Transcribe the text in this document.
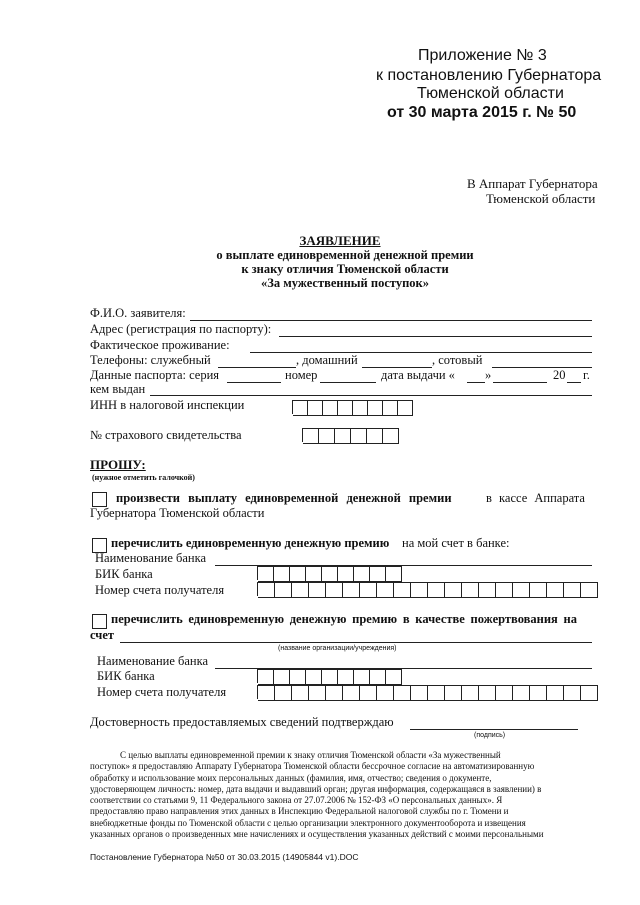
Приложение № 3
к постановлению Губернатора
Тюменской области
от 30 марта 2015 г. № 50
В Аппарат Губернатора
Тюменской области
ЗАЯВЛЕНИЕ
о выплате единовременной денежной премии
к знаку отличия Тюменской области
«За мужественный поступок»
Ф.И.О. заявителя:
Адрес (регистрация по паспорту):
Фактическое проживание:
Телефоны: служебный	, домашний	, сотовый
Данные паспорта: серия	номер	дата выдачи « »	20 г.
кем выдан
ИНН в налоговой инспекции
№ страхового свидетельства
ПРОШУ:
(нужное отметить галочкой)
произвести выплату единовременной денежной премии	в кассе Аппарата
Губернатора Тюменской области
перечислить единовременную денежную премию на мой счет в банке:
Наименование банка
БИК банка
Номер счета получателя
перечислить единовременную денежную премию в качестве пожертвования на
счет
(название организации/учреждения)
Наименование банка
БИК банка
Номер счета получателя
Достоверность предоставляемых сведений подтверждаю
(подпись)
С целью выплаты единовременной премии к знаку отличия Тюменской области «За мужественный
поступок» я предоставляю Аппарату Губернатора Тюменской области бессрочное согласие на автоматизированную
обработку и использование моих персональных данных (фамилия, имя, отчество; сведения о документе,
удостоверяющем личность: номер, дата выдачи и выдавший орган; другая информация, содержащаяся в заявлении) в
соответствии со статьями 9, 11 Федерального закона от 27.07.2006 № 152-ФЗ «О персональных данных». Я
предоставляю право направления этих данных в Инспекцию Федеральной налоговой службы по г. Тюмени и
внебюджетные фонды по Тюменской области с целью организации электронного документооборота и извещения
указанных органов о произведенных мне начислениях и осуществления указанных действий с моими персональными
Постановление Губернатора №50 от 30.03.2015 (14905844 v1).DOC
